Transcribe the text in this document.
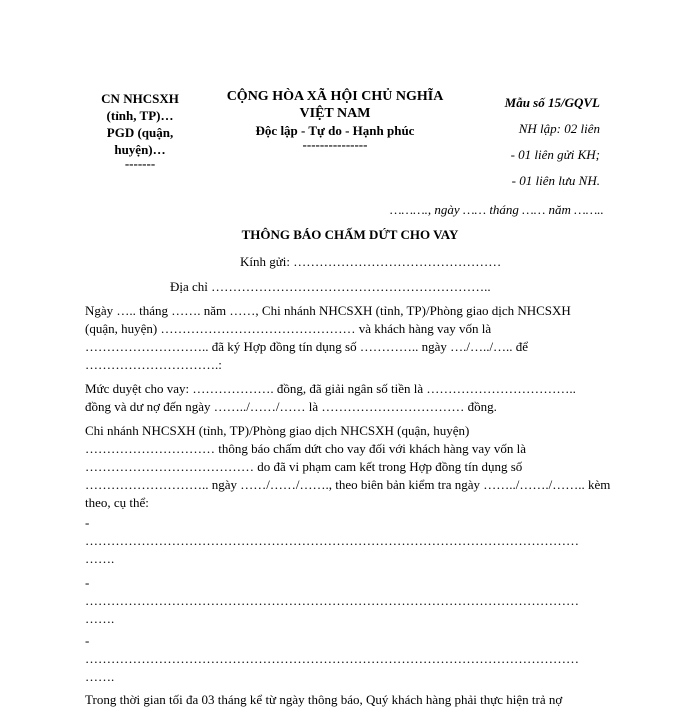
CN NHCSXH
(tỉnh, TP)…
PGD (quận,
huyện)…
-------
CỘNG HÒA XÃ HỘI CHỦ NGHĨA
VIỆT NAM
Độc lập - Tự do - Hạnh phúc
---------------
Mẫu số 15/GQVL
NH lập: 02 liên
- 01 liên gửi KH;
- 01 liên lưu NH.
………., ngày …… tháng …… năm ……..
THÔNG BÁO CHẤM DỨT CHO VAY
Kính gửi: …………………………………………
Địa chỉ ………………………………………………………..
Ngày ….. tháng ……. năm ……, Chi nhánh NHCSXH (tỉnh, TP)/Phòng giao dịch NHCSXH
(quận, huyện) ……………………………………… và khách hàng vay vốn là
……………………….. đã ký Hợp đồng tín dụng số ………….. ngày …./…../….. để
………………………….:
Mức duyệt cho vay: ………………. đồng, đã giải ngân số tiền là ……………………………..
đồng và dư nợ đến ngày ……../……/…… là …………………………… đồng.
Chi nhánh NHCSXH (tỉnh, TP)/Phòng giao dịch NHCSXH (quận, huyện)
………………………… thông báo chấm dứt cho vay đối với khách hàng vay vốn là
………………………………… do đã vi phạm cam kết trong Hợp đồng tín dụng số
……………………….. ngày ……/……/……., theo biên bản kiểm tra ngày ……../……./…….. kèm
theo, cụ thể:
-
……………………………………………………………………………………………………
…….
-
……………………………………………………………………………………………………
…….
-
……………………………………………………………………………………………………
…….
Trong thời gian tối đa 03 tháng kể từ ngày thông báo, Quý khách hàng phải thực hiện trả nợ
